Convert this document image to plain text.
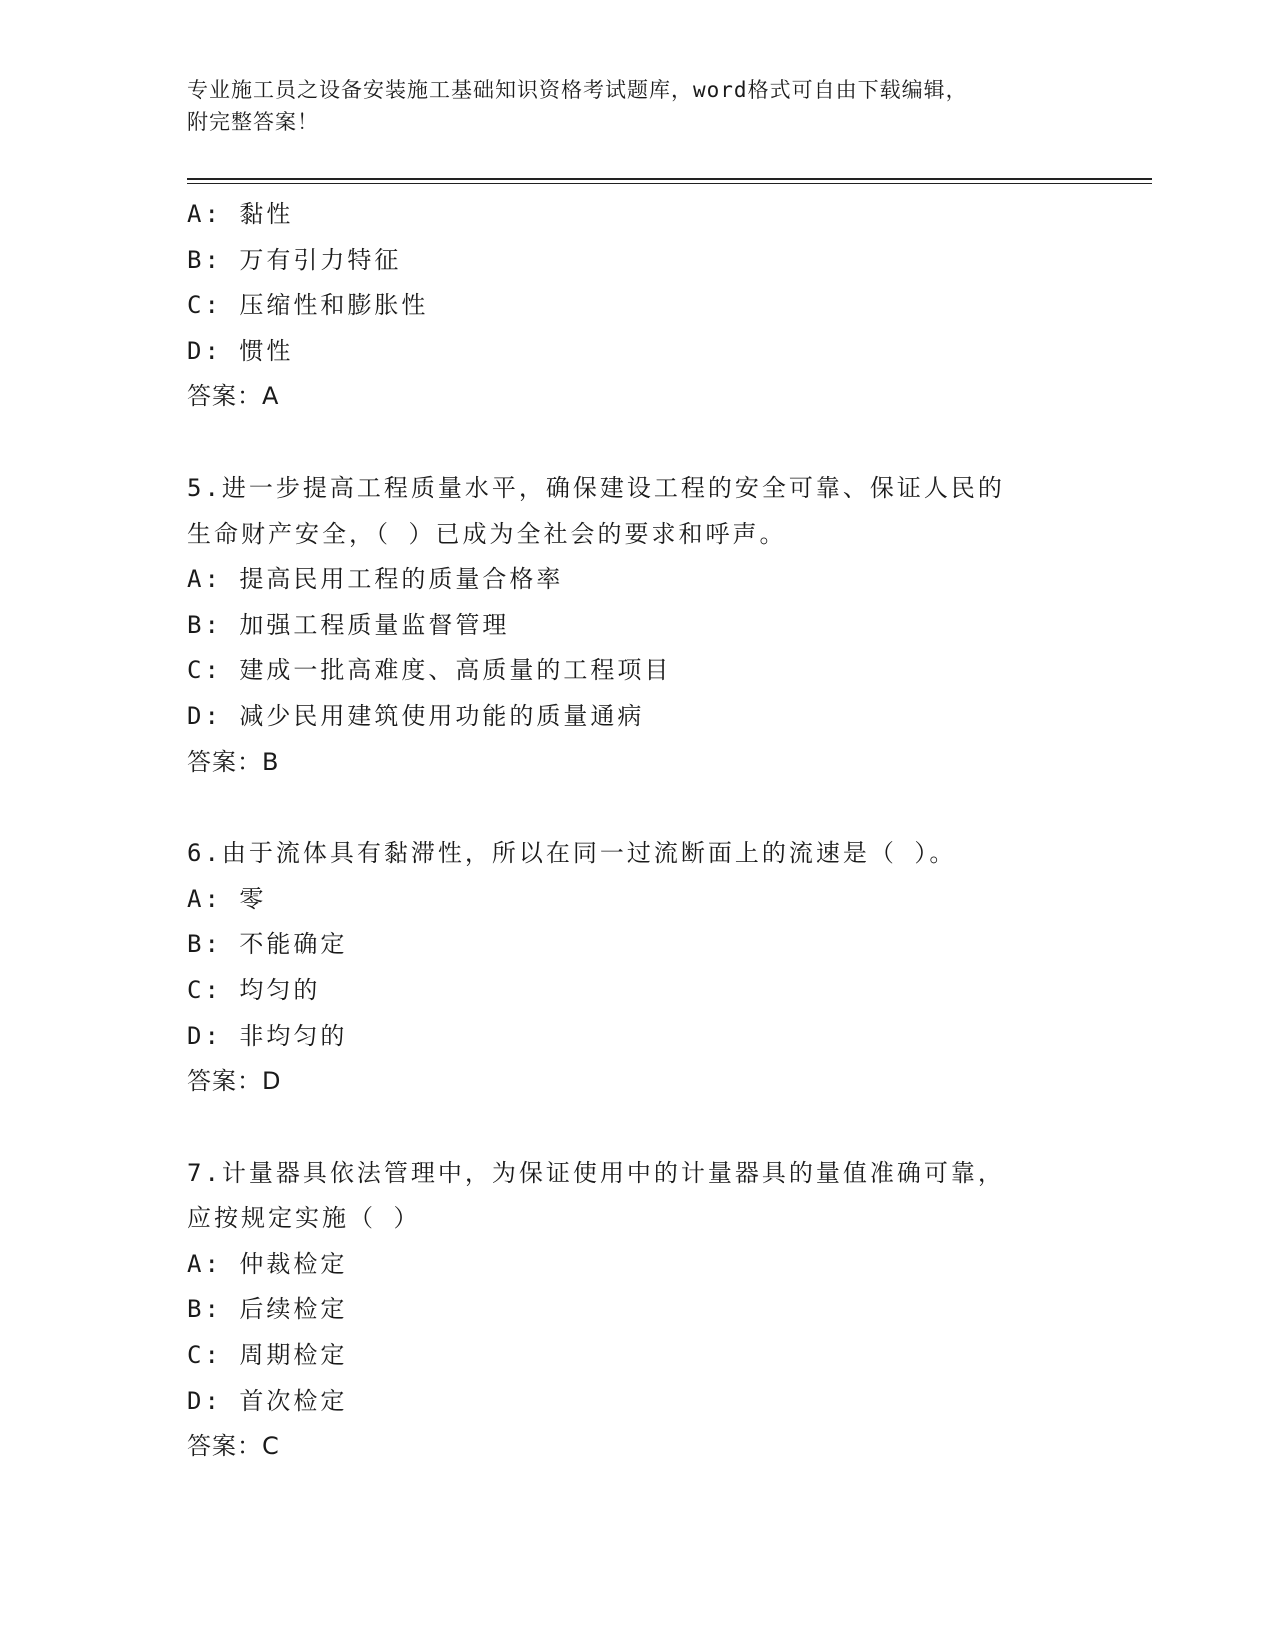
专业施工员之设备安装施工基础知识资格考试题库，word格式可自由下载编辑，
附完整答案！
A: 黏性
B: 万有引力特征
C: 压缩性和膨胀性
D: 惯性
答案：A
5.进一步提高工程质量水平，确保建设工程的安全可靠、保证人民的
生命财产安全，（ ）已成为全社会的要求和呼声。
A: 提高民用工程的质量合格率
B: 加强工程质量监督管理
C: 建成一批高难度、高质量的工程项目
D: 减少民用建筑使用功能的质量通病
答案：B
6.由于流体具有黏滞性，所以在同一过流断面上的流速是（ ）。
A: 零
B: 不能确定
C: 均匀的
D: 非均匀的
答案：D
7.计量器具依法管理中，为保证使用中的计量器具的量值准确可靠，
应按规定实施（ ）
A: 仲裁检定
B: 后续检定
C: 周期检定
D: 首次检定
答案：C
